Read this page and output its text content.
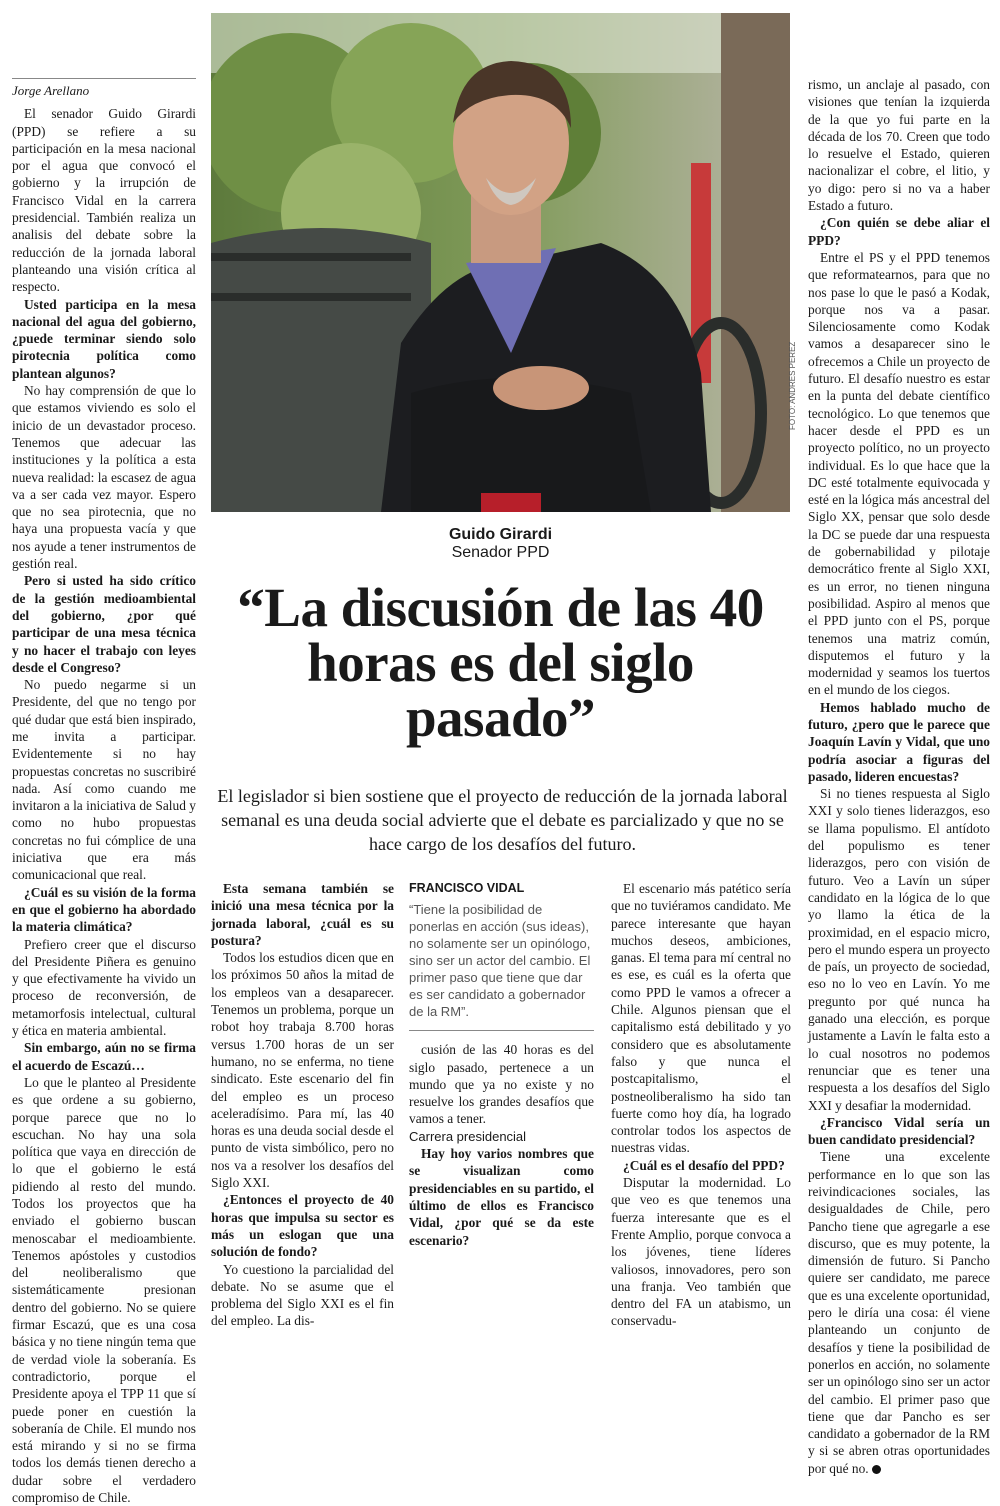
Jorge Arellano

El senador Guido Girardi (PPD) se refiere a su participación en la mesa nacional por el agua que convocó el gobierno y la irrupción de Francisco Vidal en la carrera presidencial. También realiza un analisis del debate sobre la reducción de la jornada laboral planteando una visión crítica al respecto.

Usted participa en la mesa nacional del agua del gobierno, ¿puede terminar siendo solo pirotecnia política como plantean algunos?

No hay comprensión de que lo que estamos viviendo es solo el inicio de un devastador proceso. Tenemos que adecuar las instituciones y la política a esta nueva realidad: la escasez de agua va a ser cada vez mayor. Espero que no sea pirotecnia, que no haya una propuesta vacía y que nos ayude a tener instrumentos de gestión real.

Pero si usted ha sido crítico de la gestión medioambiental del gobierno, ¿por qué participar de una mesa técnica y no hacer el trabajo con leyes desde el Congreso?

No puedo negarme si un Presidente, del que no tengo por qué dudar que está bien inspirado, me invita a participar. Evidentemente si no hay propuestas concretas no suscribiré nada. Así como cuando me invitaron a la iniciativa de Salud y como no hubo propuestas concretas no fui cómplice de una iniciativa que era más comunicacional que real.

¿Cuál es su visión de la forma en que el gobierno ha abordado la materia climática?

Prefiero creer que el discurso del Presidente Piñera es genuino y que efectivamente ha vivido un proceso de reconversión, de metamorfosis intelectual, cultural y ética en materia ambiental.

Sin embargo, aún no se firma el acuerdo de Escazú…

Lo que le planteo al Presidente es que ordene a su gobierno, porque parece que no lo escuchan. No hay una sola política que vaya en dirección de lo que el gobierno le está pidiendo al resto del mundo. Todos los proyectos que ha enviado el gobierno buscan menoscabar el medioambiente. Tenemos apóstoles y custodios del neoliberalismo que sistemáticamente presionan dentro del gobierno. No se quiere firmar Escazú, que es una cosa básica y no tiene ningún tema que de verdad viole la soberanía. Es contradictorio, porque el Presidente apoya el TPP 11 que sí puede poner en cuestión la soberanía de Chile. El mundo nos está mirando y si no se firma todos los demás tienen derecho a dudar sobre el verdadero compromiso de Chile.

FOTO: ANDRES PEREZ
Guido Girardi
Senador PPD
“La discusión de las 40 horas es del siglo pasado”
El legislador si bien sostiene que el proyecto de reducción de la jornada laboral semanal es una deuda social advierte que el debate es parcializado y que no se hace cargo de los desafíos del futuro.

Esta semana también se inició una mesa técnica por la jornada laboral, ¿cuál es su postura?

Todos los estudios dicen que en los próximos 50 años la mitad de los empleos van a desaparecer. Tenemos un problema, porque un robot hoy trabaja 8.700 horas versus 1.700 horas de un ser humano, no se enferma, no tiene sindicato. Este escenario del fin del empleo es un proceso aceleradísimo. Para mí, las 40 horas es una deuda social desde el punto de vista simbólico, pero no nos va a resolver los desafíos del Siglo XXI.

¿Entonces el proyecto de 40 horas que impulsa su sector es más un eslogan que una solución de fondo?

Yo cuestiono la parcialidad del debate. No se asume que el problema del Siglo XXI es el fin del empleo. La dis-

FRANCISCO VIDAL
“Tiene la posibilidad de ponerlas en acción (sus ideas), no solamente ser un opinólogo, sino ser un actor del cambio. El primer paso que tiene que dar es ser candidato a gobernador de la RM”.

cusión de las 40 horas es del siglo pasado, pertenece a un mundo que ya no existe y no resuelve los grandes desafíos que vamos a tener.

Carrera presidencial

Hay hoy varios nombres que se visualizan como presidenciables en su partido, el último de ellos es Francisco Vidal, ¿por qué se da este escenario?

El escenario más patético sería que no tuviéramos candidato. Me parece interesante que hayan muchos deseos, ambiciones, ganas. El tema para mí central no es ese, es cuál es la oferta que como PPD le vamos a ofrecer a Chile. Algunos piensan que el capitalismo está debilitado y yo considero que es absolutamente falso y que nunca el postcapitalismo, el postneoliberalismo ha sido tan fuerte como hoy día, ha logrado controlar todos los aspectos de nuestras vidas.

¿Cuál es el desafío del PPD?

Disputar la modernidad. Lo que veo es que tenemos una fuerza interesante que es el Frente Amplio, porque convoca a los jóvenes, tiene líderes valiosos, innovadores, pero son una franja. Veo también que dentro del FA un atabismo, un conservadu-

rismo, un anclaje al pasado, con visiones que tenían la izquierda de la que yo fui parte en la década de los 70. Creen que todo lo resuelve el Estado, quieren nacionalizar el cobre, el litio, y yo digo: pero si no va a haber Estado a futuro.

¿Con quién se debe aliar el PPD?

Entre el PS y el PPD tenemos que reformatearnos, para que no nos pase lo que le pasó a Kodak, porque nos va a pasar. Silenciosamente como Kodak vamos a desaparecer sino le ofrecemos a Chile un proyecto de futuro. El desafío nuestro es estar en la punta del debate científico tecnológico. Lo que tenemos que hacer desde el PPD es un proyecto político, no un proyecto individual. Es lo que hace que la DC esté totalmente equivocada y esté en la lógica más ancestral del Siglo XX, pensar que solo desde la DC se puede dar una respuesta de gobernabilidad y pilotaje democrático frente al Siglo XXI, es un error, no tienen ninguna posibilidad. Aspiro al menos que el PPD junto con el PS, porque tenemos una matriz común, disputemos el futuro y la modernidad y seamos los tuertos en el mundo de los ciegos.

Hemos hablado mucho de futuro, ¿pero que le parece que Joaquín Lavín y Vidal, que uno podría asociar a figuras del pasado, lideren encuestas?

Si no tienes respuesta al Siglo XXI y solo tienes liderazgos, eso se llama populismo. El antídoto del populismo es tener liderazgos, pero con visión de futuro. Veo a Lavín un súper candidato en la lógica de lo que yo llamo la ética de la proximidad, en el espacio micro, pero el mundo espera un proyecto de país, un proyecto de sociedad, eso no lo veo en Lavín. Yo me pregunto por qué nunca ha ganado una elección, es porque justamente a Lavín le falta esto a lo cual nosotros no podemos renunciar que es tener una respuesta a los desafíos del Siglo XXI y desafiar la modernidad.

¿Francisco Vidal sería un buen candidato presidencial?

Tiene una excelente performance en lo que son las reivindicaciones sociales, las desigualdades de Chile, pero Pancho tiene que agregarle a ese discurso, que es muy potente, la dimensión de futuro. Si Pancho quiere ser candidato, me parece que es una excelente oportunidad, pero le diría una cosa: él viene planteando un conjunto de desafíos y tiene la posibilidad de ponerlos en acción, no solamente ser un opinólogo sino ser un actor del cambio. El primer paso que tiene que dar Pancho es ser candidato a gobernador de la RM y si se abren otras oportunidades por qué no.
